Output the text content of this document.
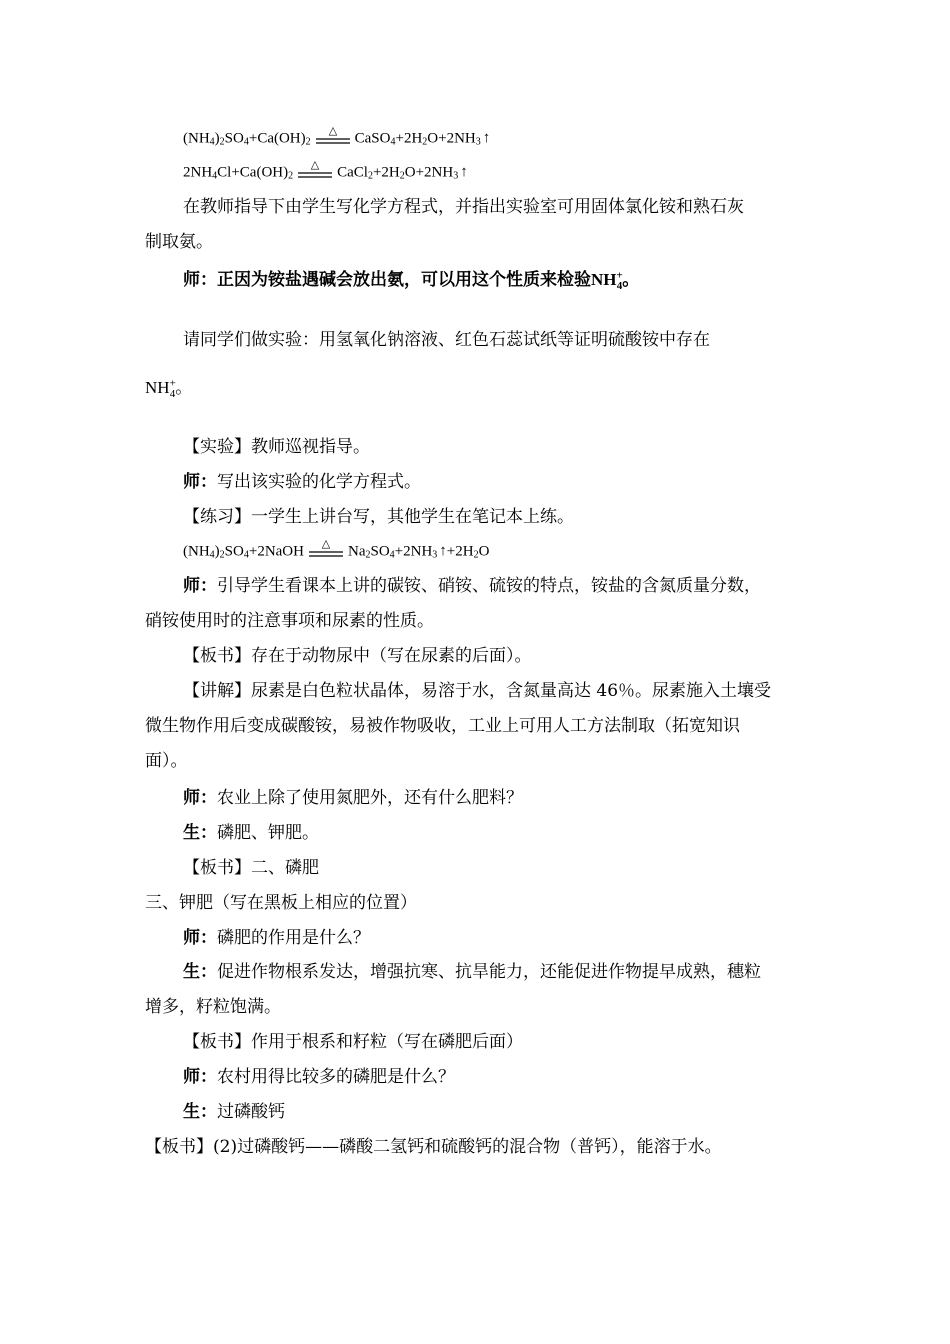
$(NH_4)_2SO_4+Ca(OH)_2$
△ $CaSO_4+2H_2O+2NH_3$ ↑
$2NH_4Cl+Ca(OH)_2$
△ $CaCl_2+2H_2O+2NH_3$ ↑
在教师指导下由学生写化学方程式，并指出实验室可用固体氯化铵和熟石灰
制取氨。
师：正因为铵盐遇碱会放出氨，可以用这个性质来检验$NH^+_4$。
请同学们做实验：用氢氧化钠溶液、红色石蕊试纸等证明硫酸铵中存在
$NH^+_4$。
【实验】教师巡视指导。
师：写出该实验的化学方程式。
【练习】一学生上讲台写，其他学生在笔记本上练。
$(NH_4)_2SO_4+2NaOH$ △ $Na_2SO_4+2NH_3$ $↑+2H_2O$
师：引导学生看课本上讲的碳铵、硝铵、硫铵的特点，铵盐的含氮质量分数，
硝铵使用时的注意事项和尿素的性质。
【板书】存在于动物尿中（写在尿素的后面）。
【讲解】尿素是白色粒状晶体，易溶于水，含氮量高达 46％。尿素施入土壤受
微生物作用后变成碳酸铵，易被作物吸收，工业上可用人工方法制取（拓宽知识
面）。
师：农业上除了使用氮肥外，还有什么肥料？
生：磷肥、钾肥。
【板书】二、磷肥
三、钾肥（写在黑板上相应的位置）
师：磷肥的作用是什么？
生：促进作物根系发达，增强抗寒、抗旱能力，还能促进作物提早成熟，穗粒
增多，籽粒饱满。
【板书】作用于根系和籽粒（写在磷肥后面）
师：农村用得比较多的磷肥是什么？
生：过磷酸钙
【板书】(2)过磷酸钙——磷酸二氢钙和硫酸钙的混合物（普钙），能溶于水。
